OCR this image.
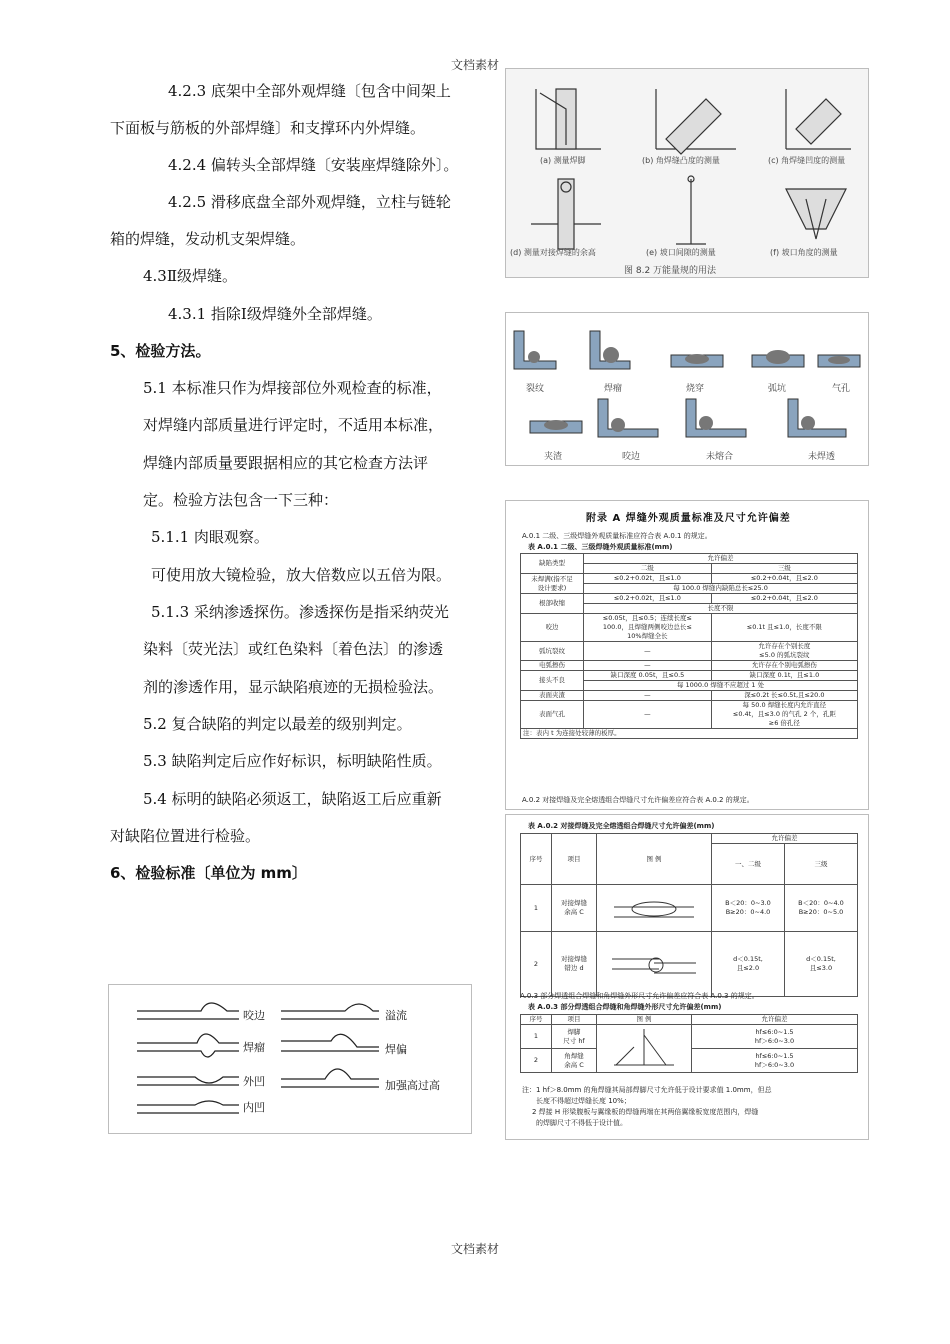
文档素材
4.2.3 底架中全部外观焊缝〔包含中间架上
下面板与筋板的外部焊缝〕和支撑环内外焊缝。
4.2.4 偏转头全部焊缝〔安装座焊缝除外〕。
4.2.5 滑移底盘全部外观焊缝，立柱与链轮
箱的焊缝，发动机支架焊缝。
4.3Ⅱ级焊缝。
4.3.1 指除Ⅰ级焊缝外全部焊缝。
5、检验方法。
5.1 本标准只作为焊接部位外观检查的标准，
对焊缝内部质量进行评定时，不适用本标准，
焊缝内部质量要跟据相应的其它检查方法评
定。检验方法包含一下三种：
5.1.1 肉眼观察。
可使用放大镜检验，放大倍数应以五倍为限。
5.1.3 采纳渗透探伤。渗透探伤是指采纳荧光
染料〔荧光法〕或红色染料〔着色法〕的渗透
剂的渗透作用，显示缺陷痕迹的无损检验法。
5.2 复合缺陷的判定以最差的级别判定。
5.3 缺陷判定后应作好标识，标明缺陷性质。
5.4 标明的缺陷必须返工，缺陷返工后应重新
对缺陷位置进行检验。
6、检验标准〔单位为 mm〕
(a) 测量焊脚	(b) 角焊缝凸度的测量	(c) 角焊缝凹度的测量
(d) 测量对接焊缝的余高	(e) 坡口间隙的测量	(f) 坡口角度的测量
图 8.2 万能量规的用法
裂纹	焊瘤	烧穿	弧坑	气孔
夹渣	咬边	未熔合	未焊透
附录 A 焊缝外观质量标准及尺寸允许偏差
A.0.1 二级、三级焊缝外观质量标准应符合表 A.0.1 的规定。
表 A.0.1 二级、三级焊缝外观质量标准(mm)
缺陷类型	允许偏差	
	二级	三级
未焊满(指不足
设计要求)	≤0.2+0.02t，且≤1.0	≤0.2+0.04t，且≤2.0
	每 100.0 焊缝内缺陷总长≤25.0	
根部收缩	≤0.2+0.02t，且≤1.0	≤0.2+0.04t，且≤2.0
	长度不限	
咬边	≤0.05t，且≤0.5；连续长度≤
100.0，且焊缝两侧咬边总长≤
10%焊缝全长	≤0.1t 且≤1.0，长度不限
弧坑裂纹	—	允许存在个别长度
≤5.0 的弧坑裂纹
电弧擦伤	—	允许存在个别电弧擦伤
接头不良	缺口深度 0.05t，且≤0.5	缺口深度 0.1t，且≤1.0
	每 1000.0 焊缝不应超过 1 处	
表面夹渣	—	深≤0.2t 长≤0.5t,且≤20.0
表面气孔	—	每 50.0 焊缝长度内允许直径
≤0.4t，且≤3.0 的气孔 2 个，孔距
≥6 倍孔径
注：表内 t 为连接处较薄的板厚。		
A.0.2 对接焊缝及完全熔透组合焊缝尺寸允许偏差应符合表 A.0.2 的规定。
表 A.0.2 对接焊缝及完全熔透组合焊缝尺寸允许偏差(mm)
序号	项目	图 例	允许偏差	
			一、二级	三级
1	对接焊缝
余高 C		B＜20：0~3.0
B≥20：0~4.0	B＜20：0~4.0
B≥20：0~5.0
2	对接焊缝
错边 d		d＜0.15t,
且≤2.0	d＜0.15t,
且≤3.0
A.0.3 部分焊透组合焊缝和角焊缝外形尺寸允许偏差应符合表 A.0.3 的规定。
表 A.0.3 部分焊透组合焊缝和角焊缝外形尺寸允许偏差(mm)
序号	项目	图 例	允许偏差
1	焊脚
尺寸 hf		hf≤6:0~1.5
hf＞6:0~3.0
2	角焊缝
余高 C		hf≤6:0~1.5
hf＞6:0~3.0
注：1 hf＞8.0mm 的角焊缝其局部焊脚尺寸允许低于设计要求值 1.0mm，但总
长度不得超过焊缝长度 10%；
2 焊接 H 形梁腹板与翼缘板的焊缝两端在其两倍翼缘板宽度范围内，焊缝
的焊脚尺寸不得低于设计值。
咬边
焊瘤
外凹
内凹
溢流
焊偏
加强高过高
文档素材
